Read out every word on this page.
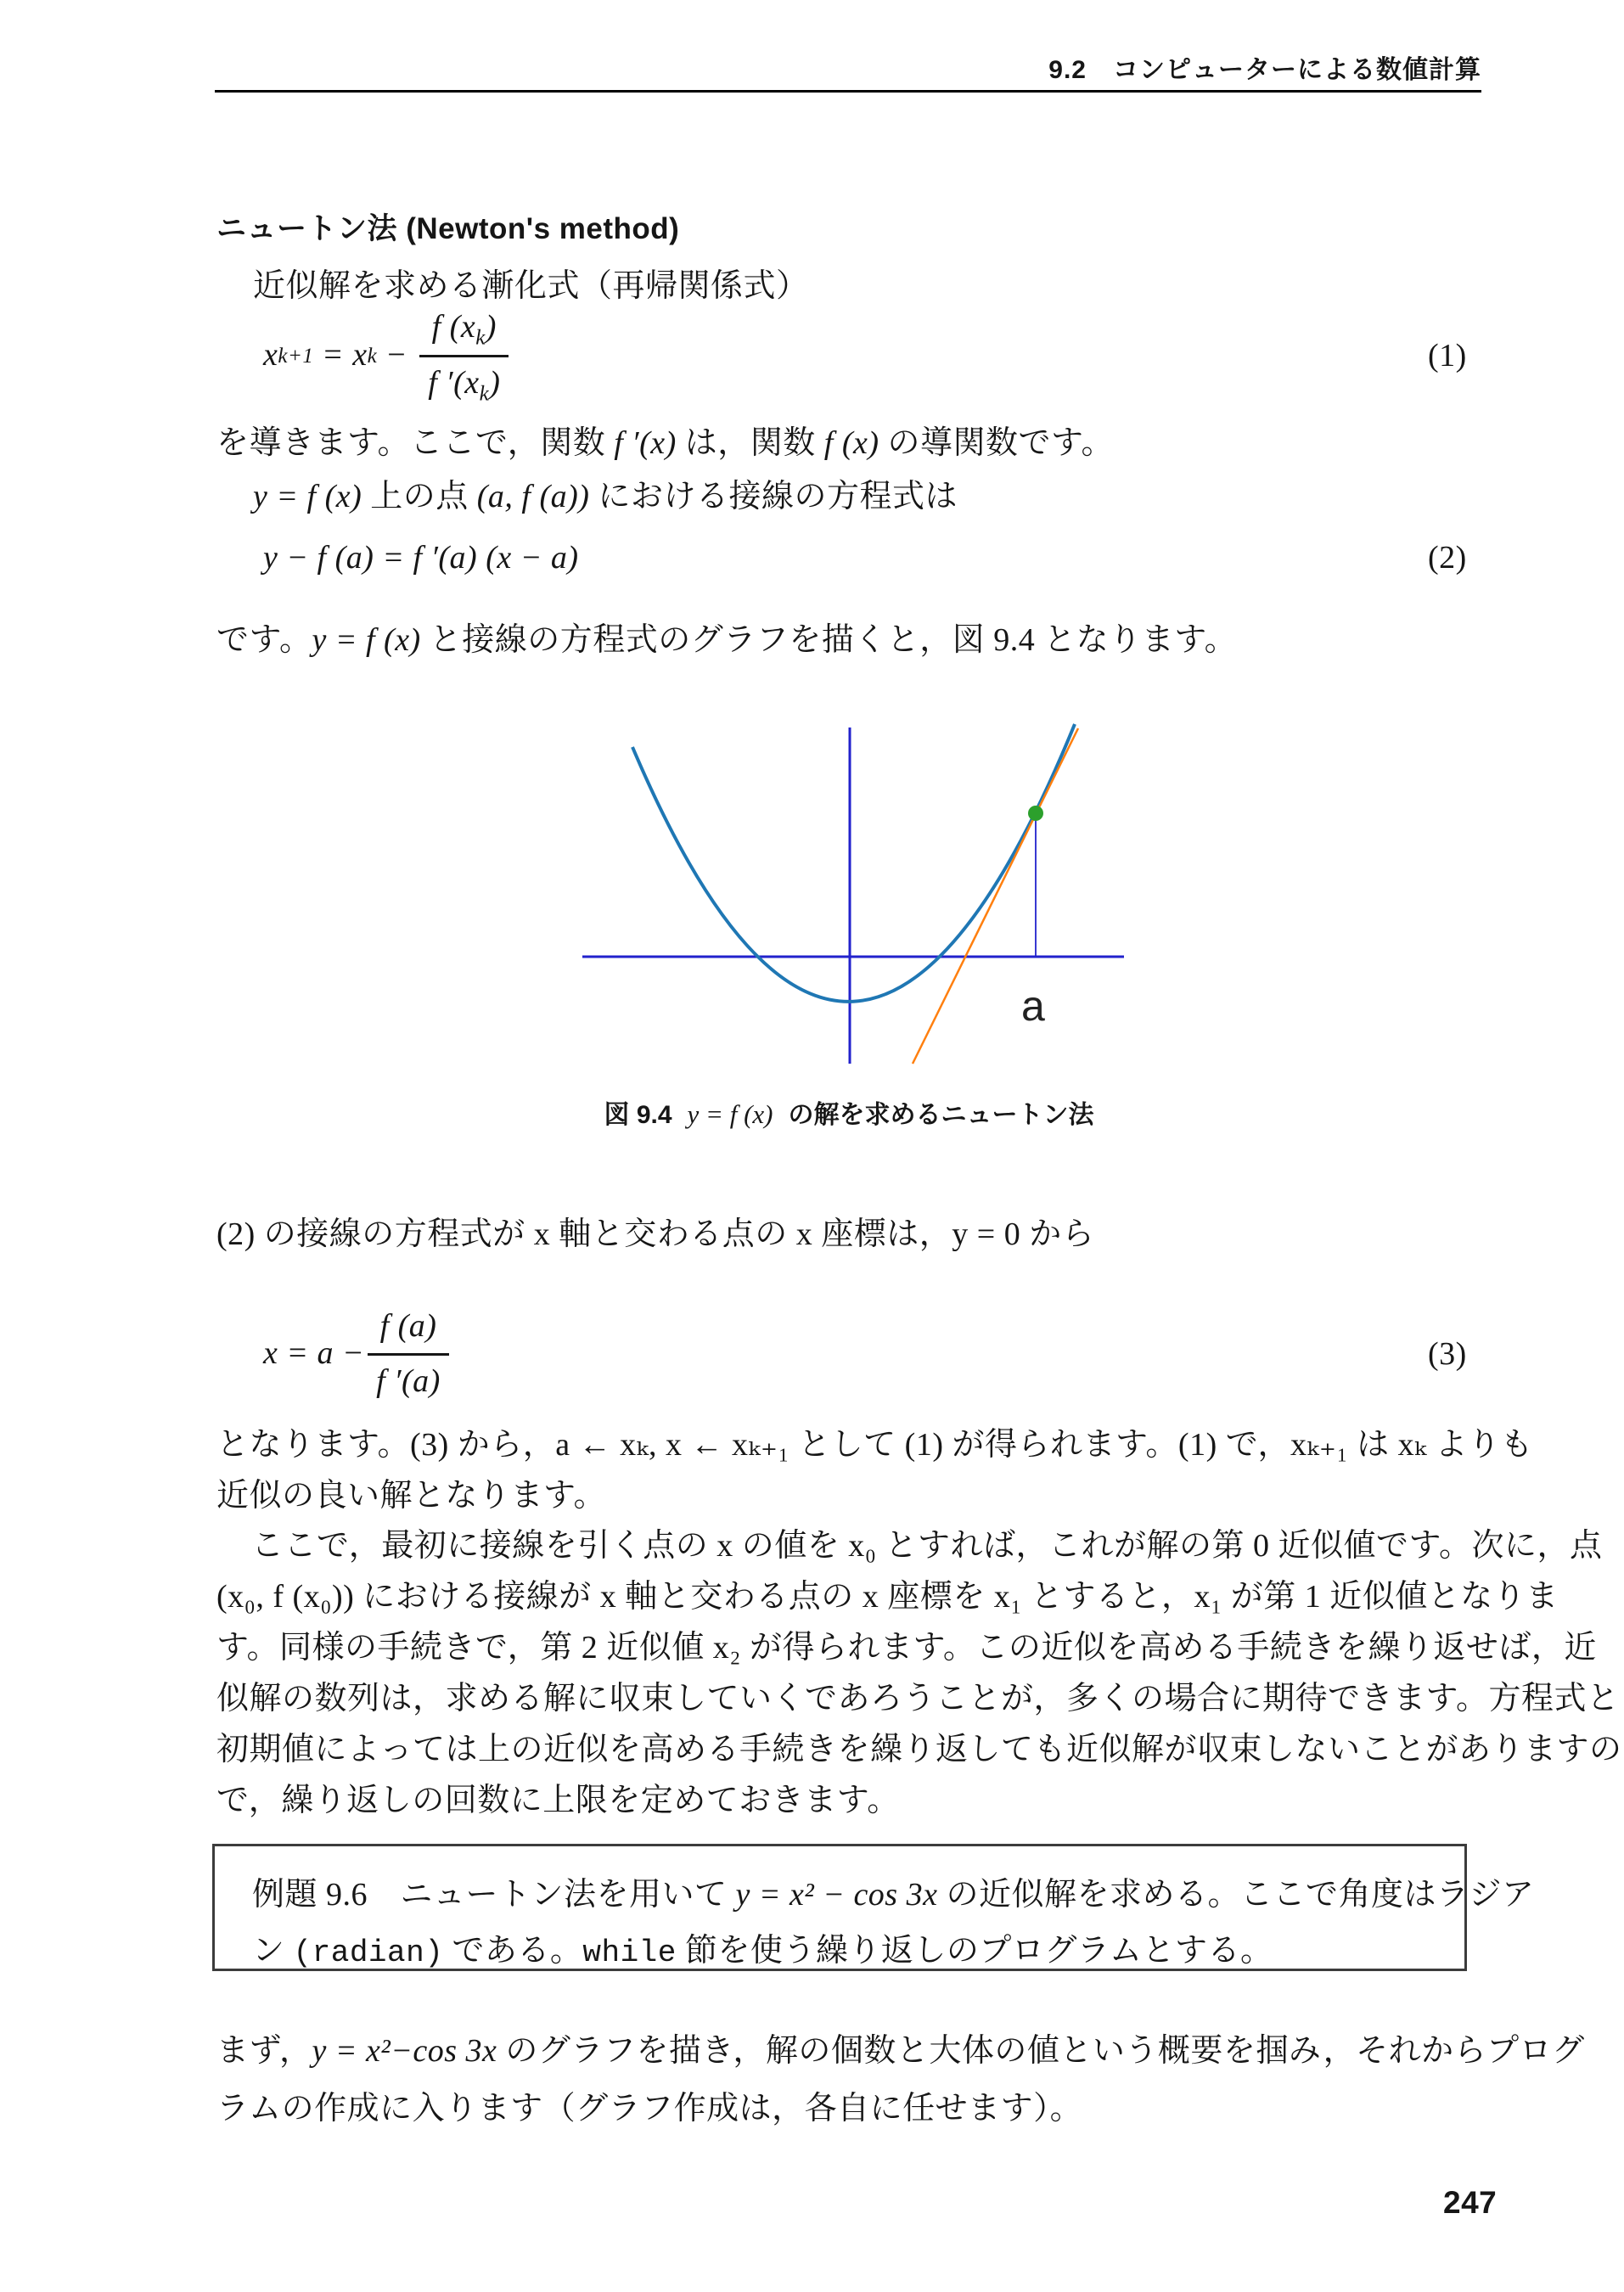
9.2　コンピューターによる数値計算
ニュートン法 (Newton's method)
近似解を求める漸化式（再帰関係式）
x k+1 = x $k - \frac{f (x_k)}{f '(x_k)}$	(1)
を導きます。ここで，関数 f ′(x) は，関数 f (x) の導関数です。
y = f (x) 上の点 (a, f (a)) における接線の方程式は
y − f (a) = f ′(a) (x − a)	(2)
です。y = f (x) と接線の方程式のグラフを描くと，図 9.4 となります。
a
図 9.4 y = f (x) の解を求めるニュートン法
(2) の接線の方程式が x 軸と交わる点の x 座標は，y = 0 から
$x = a - \frac{f (a)}{f '(a)}$	(3)
となります。(3) から，a ← xₖ, x ← xₖ₊₁ として (1) が得られます。(1) で，xₖ₊₁ は xₖ よりも
近似の良い解となります。
ここで，最初に接線を引く点の x の値を x₀ とすれば，これが解の第 0 近似値です。次に，点
(x₀, f (x₀)) における接線が x 軸と交わる点の x 座標を x₁ とすると，x₁ が第 1 近似値となりま
す。同様の手続きで，第 2 近似値 x₂ が得られます。この近似を高める手続きを繰り返せば，近
似解の数列は，求める解に収束していくであろうことが，多くの場合に期待できます。方程式と
初期値によっては上の近似を高める手続きを繰り返しても近似解が収束しないことがありますの
で，繰り返しの回数に上限を定めておきます。
例題 9.6　ニュートン法を用いて y = x² − cos 3x の近似解を求める。ここで角度はラジア
ン (radian) である。while 節を使う繰り返しのプログラムとする。
まず，y = x²−cos 3x のグラフを描き，解の個数と大体の値という概要を掴み，それからプログ
ラムの作成に入ります（グラフ作成は，各自に任せます）。
247
